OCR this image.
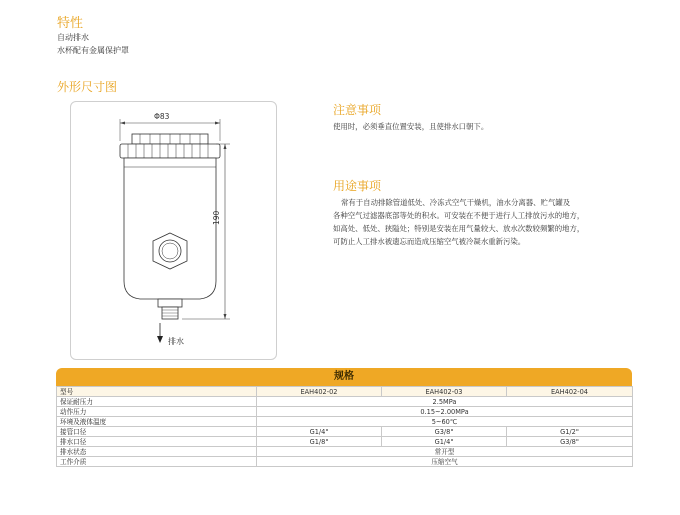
特性
自动排水
水杯配有金属保护罩
外形尺寸图
Φ83
190
排水
注意事项
使用时，必须垂直位置安装，且使排水口朝下。
用途事项
常有于自动排除管道低处、冷冻式空气干燥机，油水分离器、贮气罐及
各种空气过滤器底部等处的积水。可安装在不便于进行人工排放污水的地方，
如高处、低处、狭隘处；特别是安装在用气量较大、放水次数较频繁的地方，
可防止人工排水被遗忘而造成压缩空气被冷凝水重新污染。
规格
型号	EAH402-02	EAH402-03	EAH402-04
保证耐压力	2.5MPa		
动作压力	0.15~2.00MPa		
环境及液体温度	5~60℃		
接管口径	G1/4"	G3/8"	G1/2"
排水口径	G1/8"	G1/4"	G3/8"
排水状态	常开型		
工作介质	压缩空气		
